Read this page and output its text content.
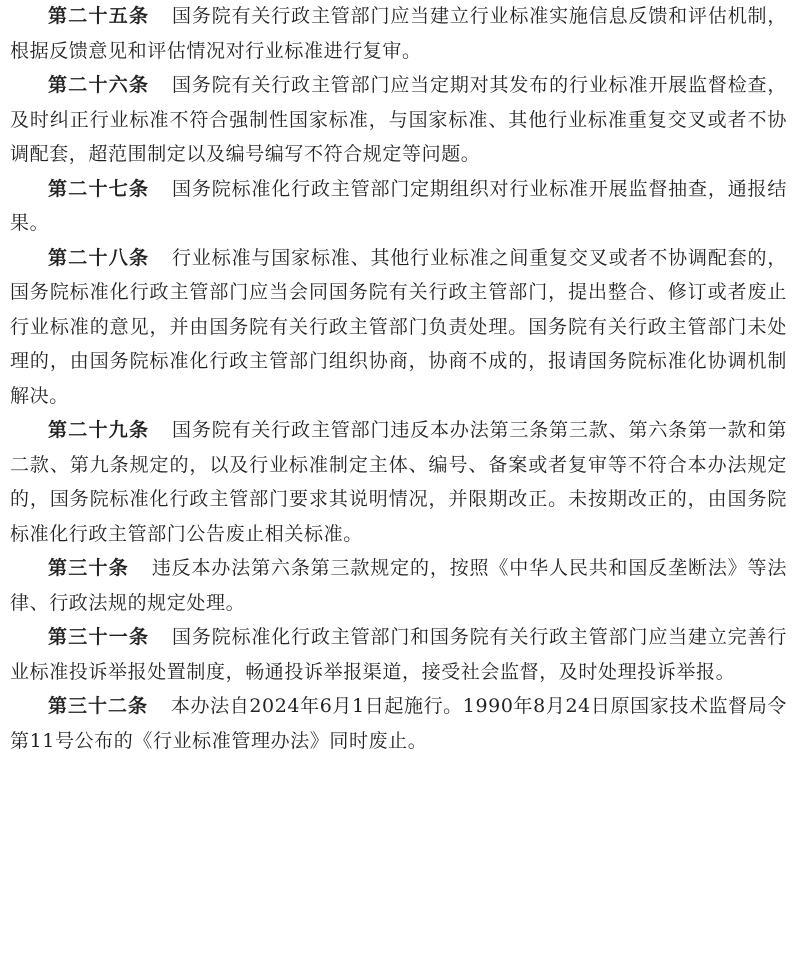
第二十五条 国务院有关行政主管部门应当建立行业标准实施信息反馈和评估机制，根据反馈意见和评估情况对行业标准进行复审。

第二十六条 国务院有关行政主管部门应当定期对其发布的行业标准开展监督检查，及时纠正行业标准不符合强制性国家标准，与国家标准、其他行业标准重复交叉或者不协调配套，超范围制定以及编号编写不符合规定等问题。

第二十七条 国务院标准化行政主管部门定期组织对行业标准开展监督抽查，通报结果。

第二十八条 行业标准与国家标准、其他行业标准之间重复交叉或者不协调配套的，国务院标准化行政主管部门应当会同国务院有关行政主管部门，提出整合、修订或者废止行业标准的意见，并由国务院有关行政主管部门负责处理。国务院有关行政主管部门未处理的，由国务院标准化行政主管部门组织协商，协商不成的，报请国务院标准化协调机制解决。

第二十九条 国务院有关行政主管部门违反本办法第三条第三款、第六条第一款和第二款、第九条规定的，以及行业标准制定主体、编号、备案或者复审等不符合本办法规定的，国务院标准化行政主管部门要求其说明情况，并限期改正。未按期改正的，由国务院标准化行政主管部门公告废止相关标准。

第三十条 违反本办法第六条第三款规定的，按照《中华人民共和国反垄断法》等法律、行政法规的规定处理。

第三十一条 国务院标准化行政主管部门和国务院有关行政主管部门应当建立完善行业标准投诉举报处置制度，畅通投诉举报渠道，接受社会监督，及时处理投诉举报。

第三十二条 本办法自2024年6月1日起施行。1990年8月24日原国家技术监督局令第11号公布的《行业标准管理办法》同时废止。
